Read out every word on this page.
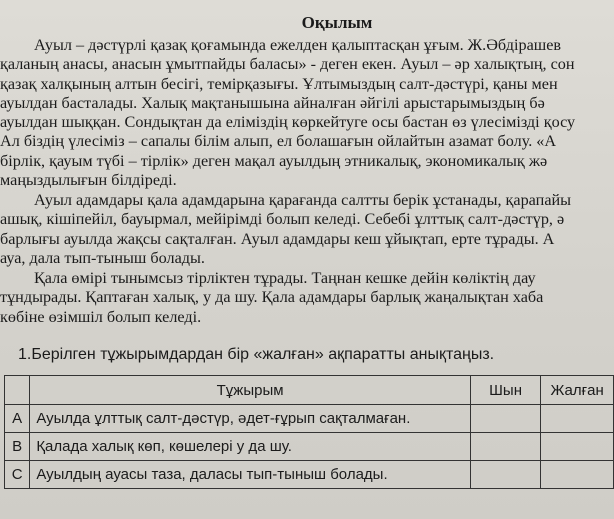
Оқылым
Ауыл – дәстүрлі қазақ қоғамында ежелден қалыптасқан ұғым. Ж.Әбдірашев
қаланың анасы, анасын ұмытпайды баласы» - деген екен. Ауыл – әр халықтың, сон
қазақ халқының алтын бесігі, темірқазығы. Ұлтымыздың салт-дәстүрі, қаны мен
ауылдан басталады. Халық мақтанышына айналған әйгілі арыстарымыздың бә
ауылдан шыққан. Сондықтан да еліміздің көркейтуге осы бастан өз үлесімізді қосу
Ал біздің үлесіміз – сапалы білім алып, ел болашағын ойлайтын азамат болу. «А
бірлік, қауым түбі – тірлік» деген мақал ауылдың этникалық, экономикалық жә
маңыздылығын білдіреді.
Ауыл адамдары қала адамдарына қарағанда салтты берік ұстанады, қарапайы
ашық, кішіпейіл, бауырмал, мейірімді болып келеді. Себебі ұлттық салт-дәстүр, ә
барлығы ауылда жақсы сақталған. Ауыл адамдары кеш ұйықтап, ерте тұрады. А
ауа, дала тып-тыныш болады.
Қала өмірі тынымсыз тірліктен тұрады. Таңнан кешке дейін көліктің дау
тұндырады. Қаптаған халық, у да шу. Қала адамдары барлық жаңалықтан хаба
көбіне өзімшіл болып келеді.

1.Берілген тұжырымдардан бір «жалған» ақпаратты анықтаңыз.

	Тұжырым	Шын	Жалған
A	Ауылда ұлттық салт-дәстүр, әдет-ғұрып сақталмаған.		
B	Қалада халық көп, көшелері у да шу.		
C	Ауылдың ауасы таза, даласы тып-тыныш болады.		
